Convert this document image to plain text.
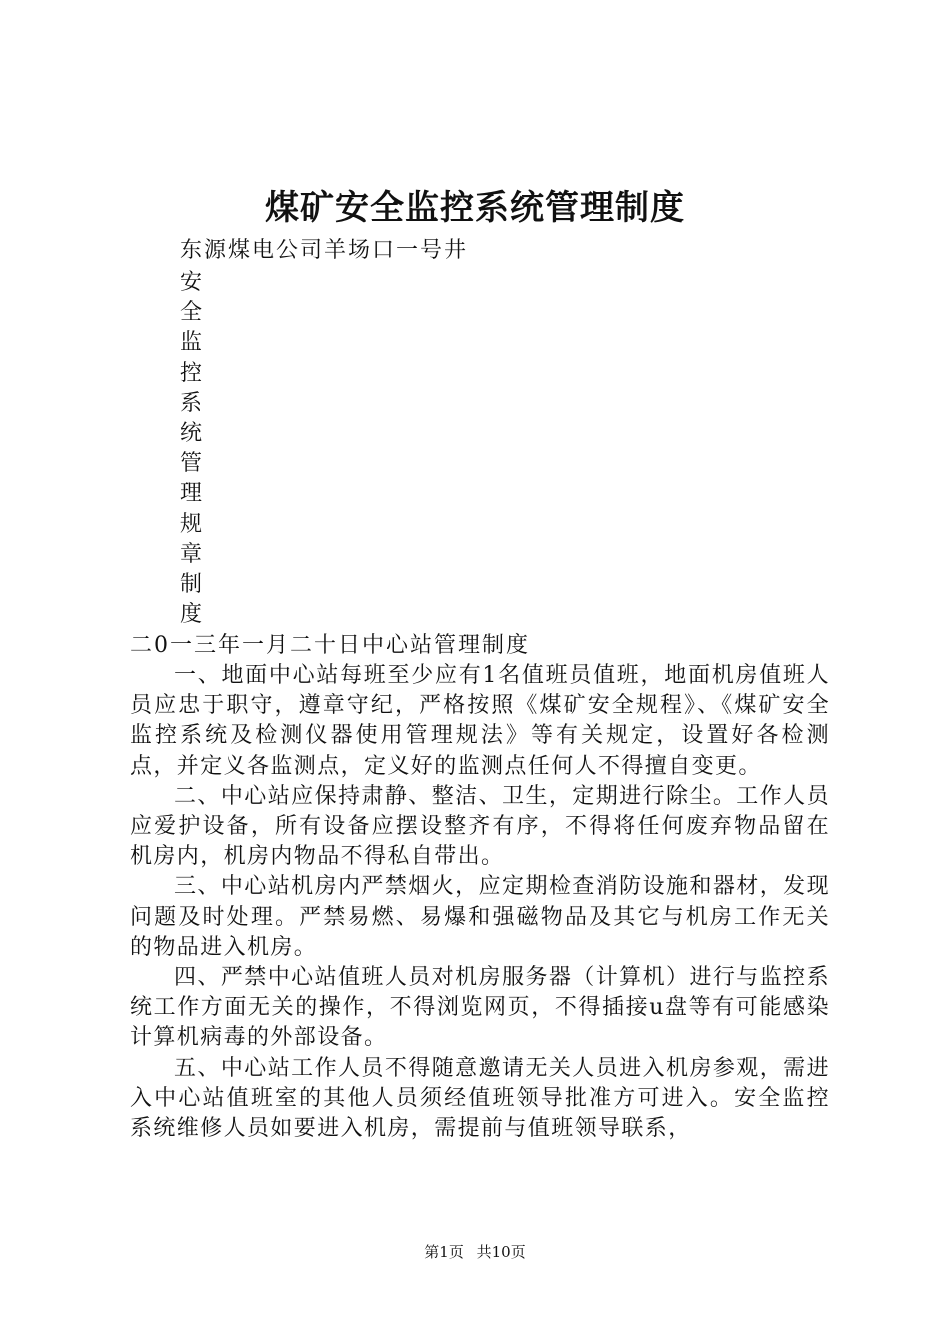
煤矿安全监控系统管理制度
东源煤电公司羊场口一号井
安全监控系统管理规章制度
二0一三年一月二十日中心站管理制度

一、地面中心站每班至少应有1名值班员值班，地面机房值班人员应忠于职守，遵章守纪，严格按照《煤矿安全规程》、《煤矿安全监控系统及检测仪器使用管理规法》等有关规定，设置好各检测点，并定义各监测点，定义好的监测点任何人不得擅自变更。

二、中心站应保持肃静、整洁、卫生，定期进行除尘。工作人员应爱护设备，所有设备应摆设整齐有序，不得将任何废弃物品留在机房内，机房内物品不得私自带出。

三、中心站机房内严禁烟火，应定期检查消防设施和器材，发现问题及时处理。严禁易燃、易爆和强磁物品及其它与机房工作无关的物品进入机房。

四、严禁中心站值班人员对机房服务器（计算机）进行与监控系统工作方面无关的操作，不得浏览网页，不得插接u盘等有可能感染计算机病毒的外部设备。

五、中心站工作人员不得随意邀请无关人员进入机房参观，需进入中心站值班室的其他人员须经值班领导批准方可进入。安全监控系统维修人员如要进入机房，需提前与值班领导联系，

第1页 共10页
